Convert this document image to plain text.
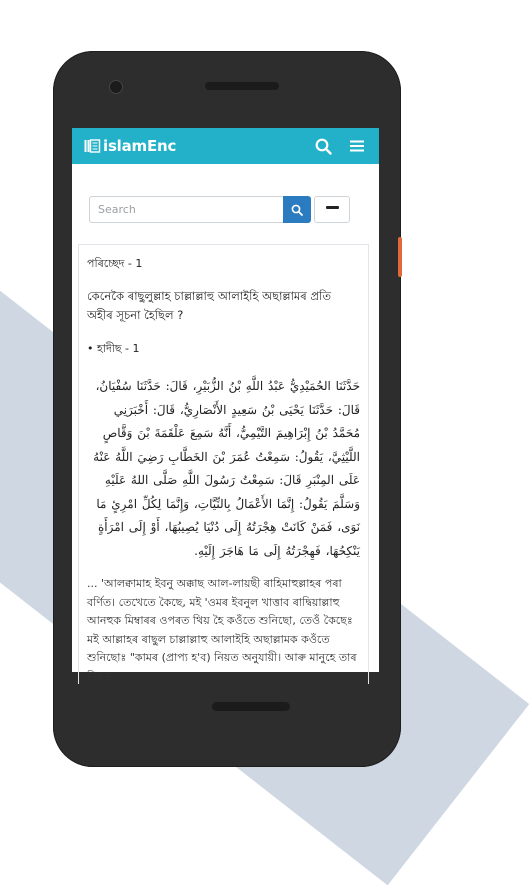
islamEnc
Search
পৰিচ্ছেদ - 1
কেনেকৈ ৰাছুলুল্লাহ চাল্লাল্লাহু আলাইহি অছাল্লামৰ প্ৰতি অহীৰ সূচনা হৈছিল ?
• হাদীছ - 1
حَدَّثَنَا الحُمَيْدِيُّ عَبْدُ اللَّهِ بْنُ الزُّبَيْرِ، قَالَ: حَدَّثَنَا سُفْيَانُ، قَالَ: حَدَّثَنَا يَحْيَى بْنُ سَعِيدٍ الأَنْصَارِيُّ، قَالَ: أَخْبَرَنِي مُحَمَّدُ بْنُ إِبْرَاهِيمَ التَّيْمِيُّ، أَنَّهُ سَمِعَ عَلْقَمَةَ بْنَ وَقَّاصٍ اللَّيْثِيَّ، يَقُولُ: سَمِعْتُ عُمَرَ بْنَ الخَطَّابِ رَضِيَ اللَّهُ عَنْهُ عَلَى المِنْبَرِ قَالَ: سَمِعْتُ رَسُولَ اللَّهِ صَلَّى اللهُ عَلَيْهِ وَسَلَّمَ يَقُولُ: إِنَّمَا الأَعْمَالُ بِالنِّيَّاتِ، وَإِنَّمَا لِكُلِّ امْرِئٍ مَا نَوَى، فَمَنْ كَانَتْ هِجْرَتُهُ إِلَى دُنْيَا يُصِيبُهَا، أَوْ إِلَى امْرَأَةٍ يَنْكِحُهَا، فَهِجْرَتُهُ إِلَى مَا هَاجَرَ إِلَيْهِ.
... 'আলক্বামাহ ইবনু অক্কাছ আল-লায়ছী ৰাহিমাহুল্লাহৰ পৰা বৰ্ণিত। তেখেতে কৈছে, মই 'ওমৰ ইবনুল খাত্তাব ৰাদ্বিয়াল্লাহু আনহুক মিম্বাৰৰ ওপৰত থিয় হৈ কওঁতে শুনিছো, তেওঁ কৈছেঃ মই আল্লাহৰ ৰাছুল চাল্লাল্লাহু আলাইহি অছাল্লামক কওঁতে শুনিছোঃ "কামৰ (প্ৰাপ্য হ'ব) নিয়ত অনুযায়ী। আৰু মানুহে তাৰ নিয়ত
